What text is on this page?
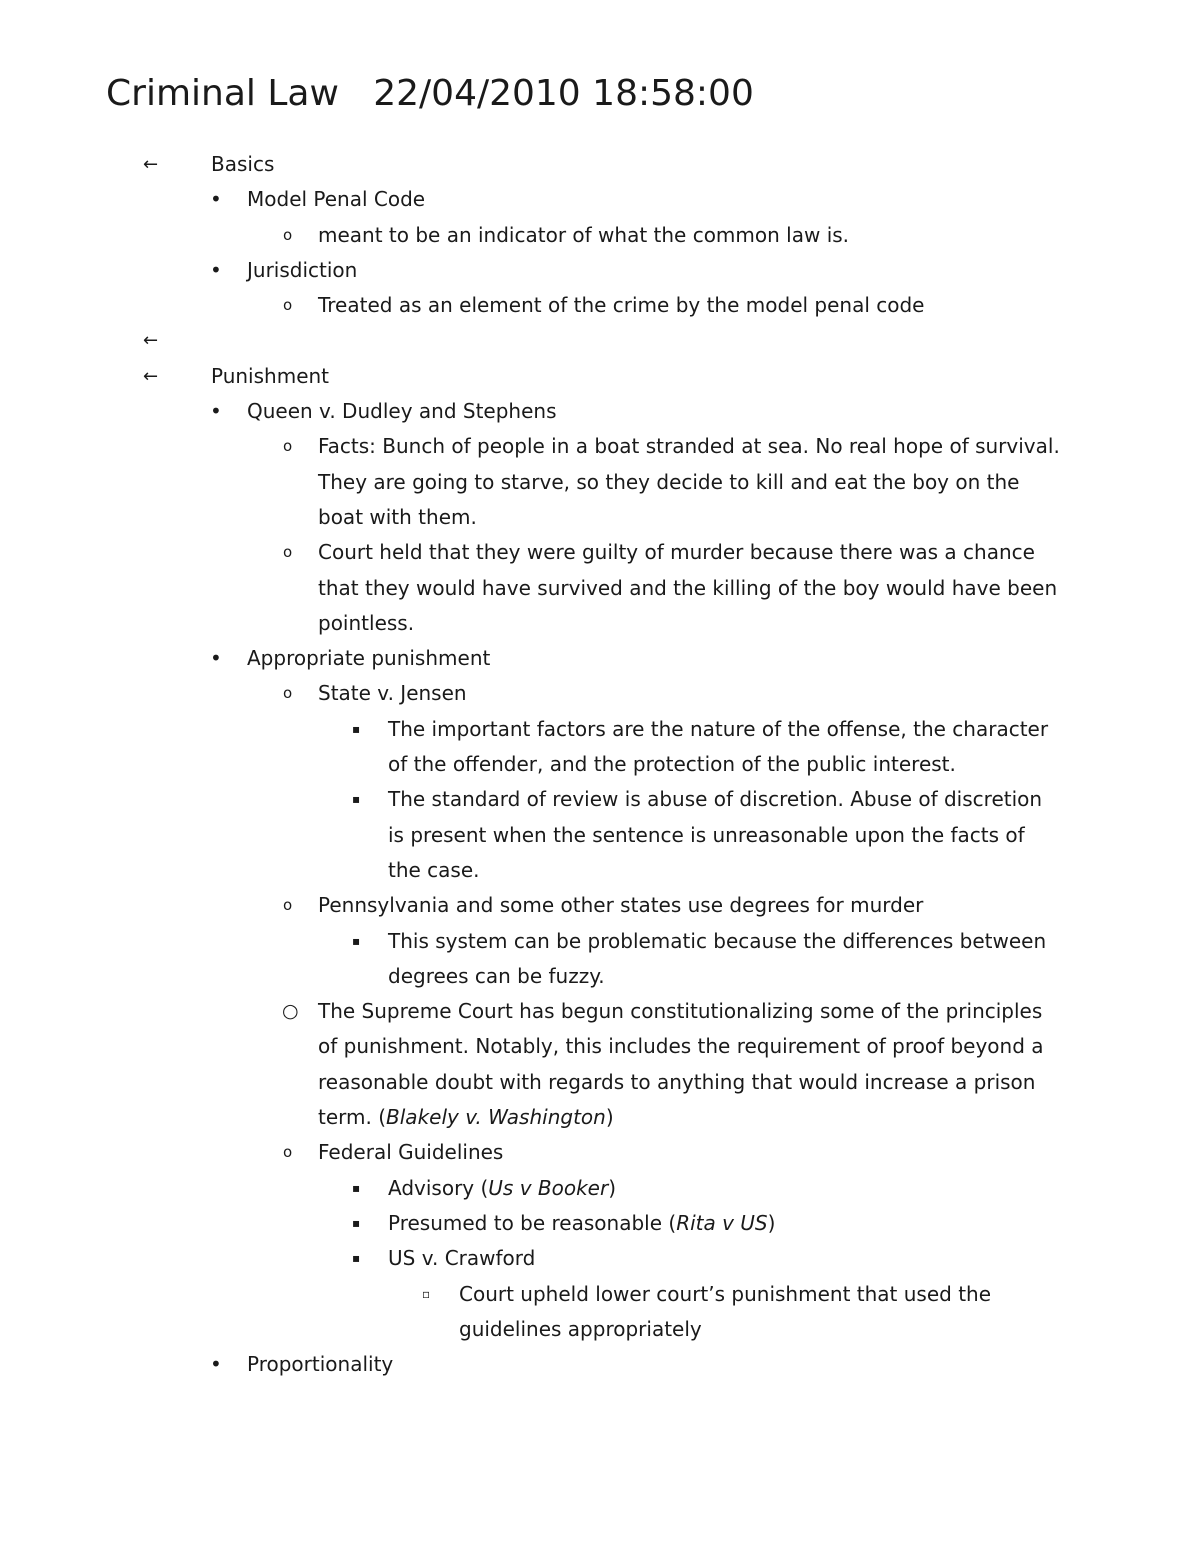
Criminal Law   22/04/2010 18:58:00
←	Basics
•	Model Penal Code
o	meant to be an indicator of what the common law is.
•	Jurisdiction
o	Treated as an element of the crime by the model penal code
←
←	Punishment
•	Queen v. Dudley and Stephens
o	Facts: Bunch of people in a boat stranded at sea. No real hope of survival. They are going to starve, so they decide to kill and eat the boy on the boat with them.
o	Court held that they were guilty of murder because there was a chance that they would have survived and the killing of the boy would have been pointless.
•	Appropriate punishment
o	State v. Jensen
▪	The important factors are the nature of the offense, the character of the offender, and the protection of the public interest.
▪	The standard of review is abuse of discretion. Abuse of discretion is present when the sentence is unreasonable upon the facts of the case.
o	Pennsylvania and some other states use degrees for murder
▪	This system can be problematic because the differences between degrees can be fuzzy.
○ The Supreme Court has begun constitutionalizing some of the principles of punishment. Notably, this includes the requirement of proof beyond a reasonable doubt with regards to anything that would increase a prison term. (Blakely v. Washington)
o	Federal Guidelines
▪	Advisory (Us v Booker)
▪	Presumed to be reasonable (Rita v US)
▪	US v. Crawford
▫	Court upheld lower court’s punishment that used the guidelines appropriately
•	Proportionality
